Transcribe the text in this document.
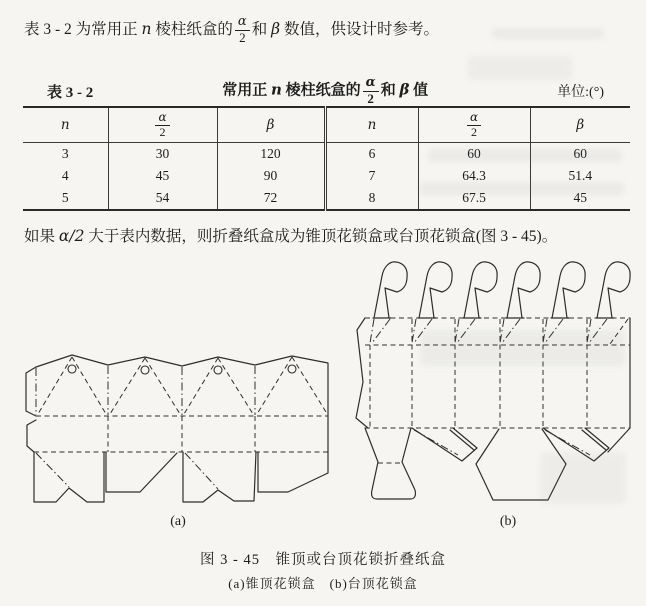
表 3 - 2 为常用正 n 棱柱纸盒的 $\frac{\alpha}{2}$ 和 β 数值，供设计时参考。

表 3 - 2	常用正 n 棱柱纸盒的 $\frac{\alpha}{2}$ 和 β 值	单位:(°)
n	$\frac{\alpha}{2}$	β	n	$\frac{\alpha}{2}$	β
3	30	120	6	60	60
4	45	90	7	64.3	51.4
5	54	72	8	67.5	45

如果 α/2 大于表内数据，则折叠纸盒成为锥顶花锁盒或台顶花锁盒(图 3 - 45)。

(a)	(b)
图 3 - 45　锥顶或台顶花锁折叠纸盒
(a)锥顶花锁盒　(b)台顶花锁盒
